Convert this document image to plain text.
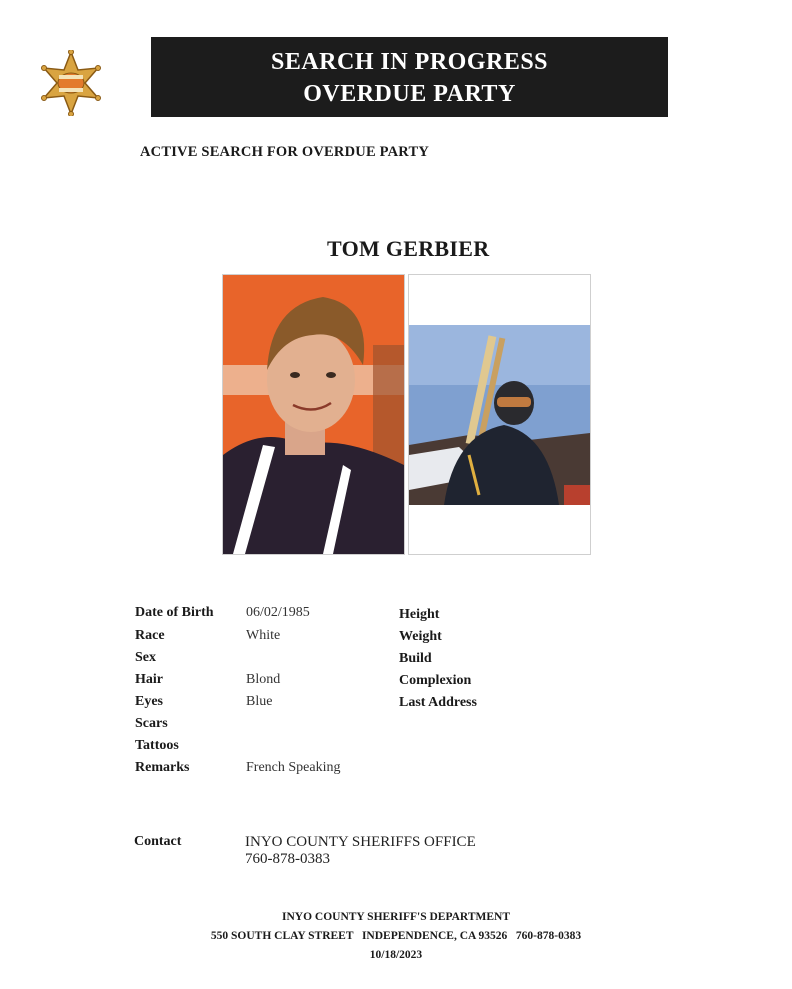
SEARCH IN PROGRESS
OVERDUE PARTY
ACTIVE SEARCH FOR OVERDUE PARTY
TOM GERBIER
Date of Birth
Race
Sex
Hair
Eyes
Scars
Tattoos
Remarks
06/02/1985
White
Blond
Blue
French Speaking
Height
Weight
Build
Complexion
Last Address
Contact	INYO COUNTY SHERIFFS OFFICE
760-878-0383
INYO COUNTY SHERIFF'S DEPARTMENT
550 SOUTH CLAY STREET   INDEPENDENCE, CA 93526   760-878-0383
10/18/2023
